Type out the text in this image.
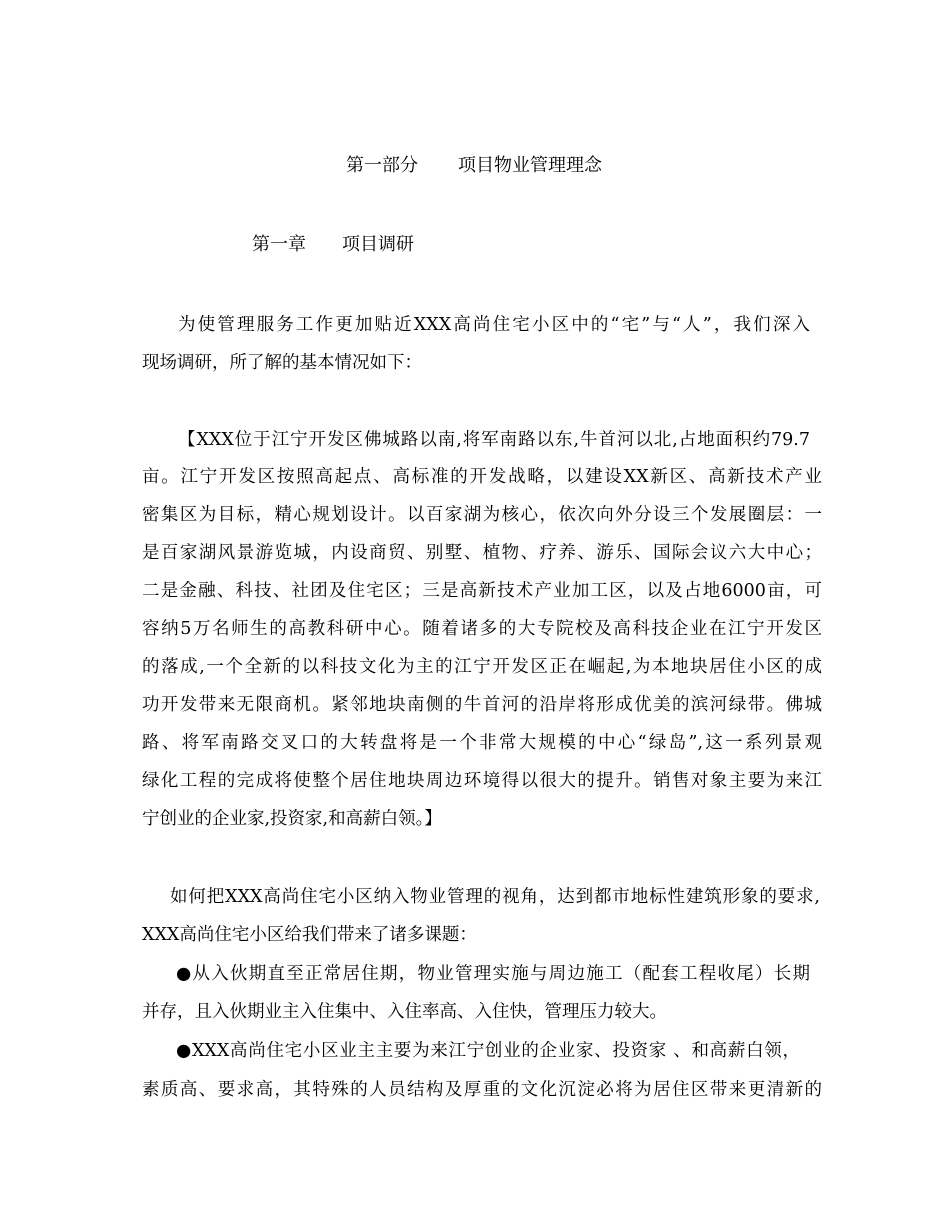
第一部分 项目物业管理理念
第一章 项目调研
为使管理服务工作更加贴近XXX高尚住宅小区中的“宅”与“人”，我们深入
现场调研，所了解的基本情况如下：
【XXX位于江宁开发区佛城路以南,将军南路以东,牛首河以北,占地面积约79.7
亩。江宁开发区按照高起点、高标准的开发战略，以建设XX新区、高新技术产业
密集区为目标，精心规划设计。以百家湖为核心，依次向外分设三个发展圈层：一
是百家湖风景游览城，内设商贸、别墅、植物、疗养、游乐、国际会议六大中心；
二是金融、科技、社团及住宅区；三是高新技术产业加工区，以及占地6000亩，可
容纳5万名师生的高教科研中心。随着诸多的大专院校及高科技企业在江宁开发区
的落成,一个全新的以科技文化为主的江宁开发区正在崛起,为本地块居住小区的成
功开发带来无限商机。紧邻地块南侧的牛首河的沿岸将形成优美的滨河绿带。佛城
路、将军南路交叉口的大转盘将是一个非常大规模的中心“绿岛”,这一系列景观
绿化工程的完成将使整个居住地块周边环境得以很大的提升。销售对象主要为来江
宁创业的企业家,投资家,和高薪白领。】
如何把XXX高尚住宅小区纳入物业管理的视角，达到都市地标性建筑形象的要求,
XXX高尚住宅小区给我们带来了诸多课题：
●从入伙期直至正常居住期，物业管理实施与周边施工（配套工程收尾）长期
并存，且入伙期业主入住集中、入住率高、入住快，管理压力较大。
●XXX高尚住宅小区业主主要为来江宁创业的企业家、投资家 、和高薪白领，
素质高、要求高，其特殊的人员结构及厚重的文化沉淀必将为居住区带来更清新的
